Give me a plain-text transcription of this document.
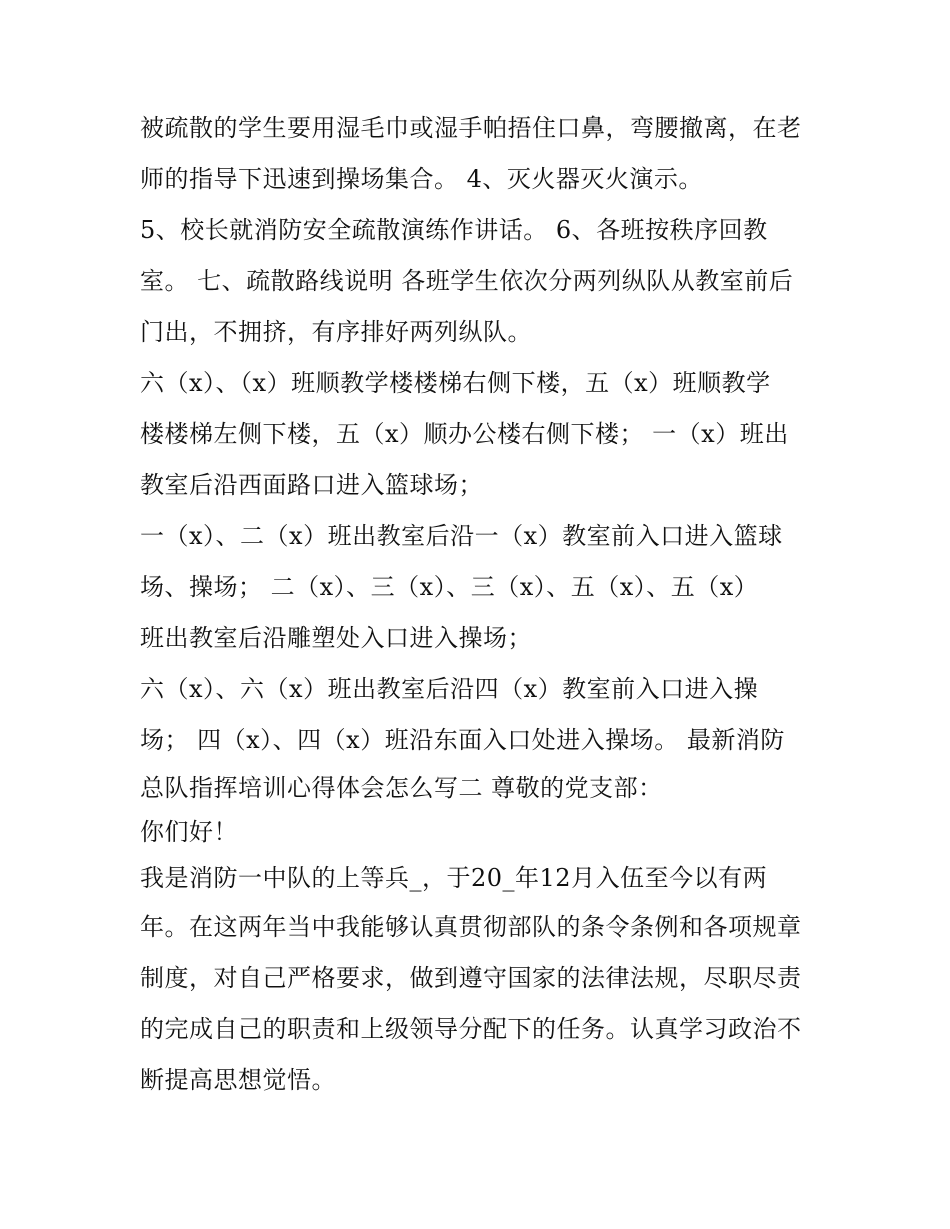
被疏散的学生要用湿毛巾或湿手帕捂住口鼻，弯腰撤离，在老
师的指导下迅速到操场集合。 4、灭火器灭火演示。
5、校长就消防安全疏散演练作讲话。 6、各班按秩序回教
室。 七、疏散路线说明 各班学生依次分两列纵队从教室前后
门出，不拥挤，有序排好两列纵队。
六（x）、（x）班顺教学楼楼梯右侧下楼，五（x）班顺教学
楼楼梯左侧下楼，五（x）顺办公楼右侧下楼； 一（x）班出
教室后沿西面路口进入篮球场；
一（x）、二（x）班出教室后沿一（x）教室前入口进入篮球
场、操场； 二（x）、三（x）、三（x）、五（x）、五（x）
班出教室后沿雕塑处入口进入操场；
六（x）、六（x）班出教室后沿四（x）教室前入口进入操
场； 四（x）、四（x）班沿东面入口处进入操场。 最新消防
总队指挥培训心得体会怎么写二 尊敬的党支部：
你们好！
我是消防一中队的上等兵_，于20_年12月入伍至今以有两
年。在这两年当中我能够认真贯彻部队的条令条例和各项规章
制度，对自己严格要求，做到遵守国家的法律法规，尽职尽责
的完成自己的职责和上级领导分配下的任务。认真学习政治不
断提高思想觉悟。
